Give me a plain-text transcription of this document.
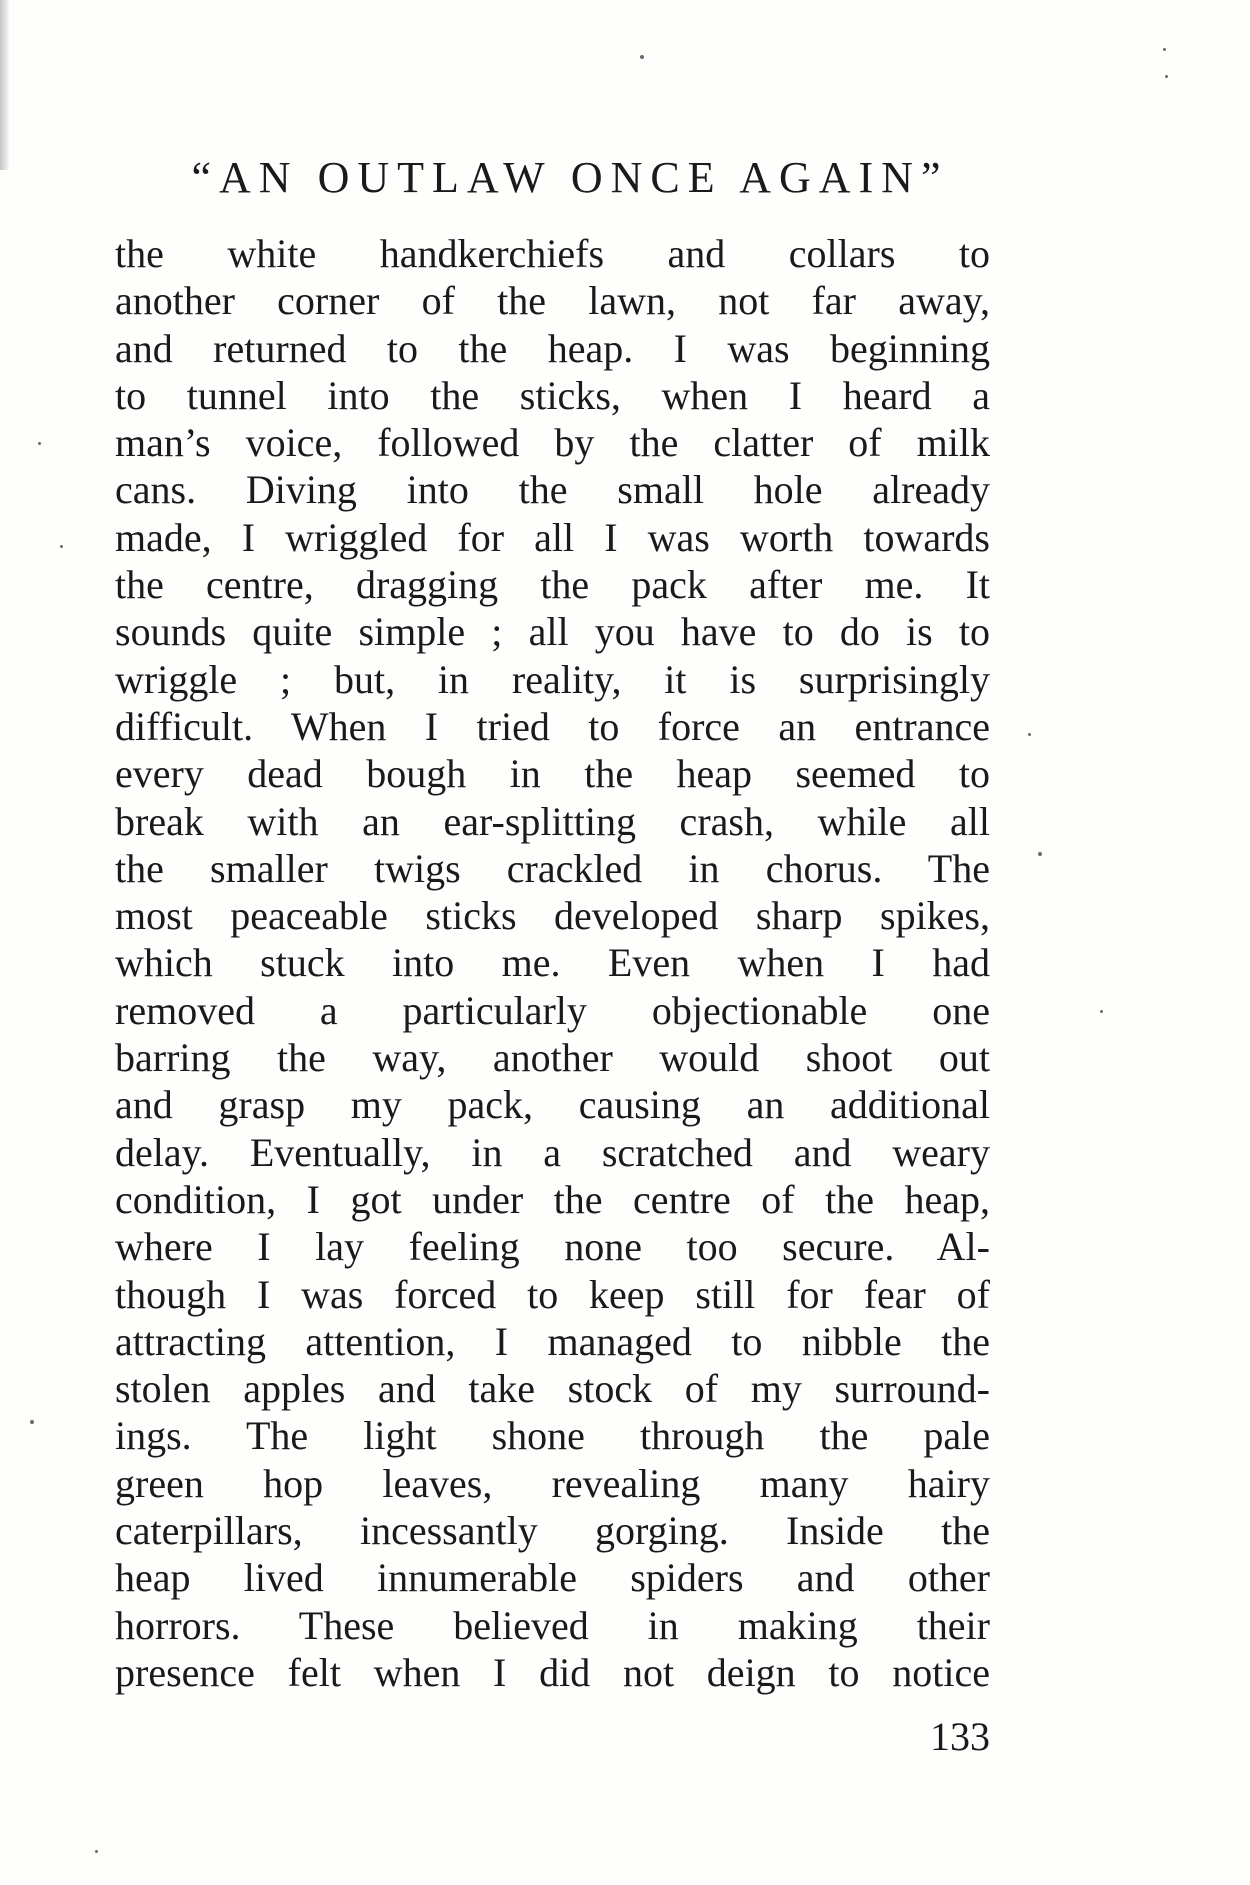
“AN OUTLAW ONCE AGAIN”
the white handkerchiefs and collars to
another corner of the lawn, not far away,
and returned to the heap. I was beginning
to tunnel into the sticks, when I heard a
man’s voice, followed by the clatter of milk
cans. Diving into the small hole already
made, I wriggled for all I was worth towards
the centre, dragging the pack after me. It
sounds quite simple ; all you have to do is to
wriggle ; but, in reality, it is surprisingly
difficult. When I tried to force an entrance
every dead bough in the heap seemed to
break with an ear-splitting crash, while all
the smaller twigs crackled in chorus. The
most peaceable sticks developed sharp spikes,
which stuck into me. Even when I had
removed a particularly objectionable one
barring the way, another would shoot out
and grasp my pack, causing an additional
delay. Eventually, in a scratched and weary
condition, I got under the centre of the heap,
where I lay feeling none too secure. Al-
though I was forced to keep still for fear of
attracting attention, I managed to nibble the
stolen apples and take stock of my surround-
ings. The light shone through the pale
green hop leaves, revealing many hairy
caterpillars, incessantly gorging. Inside the
heap lived innumerable spiders and other
horrors. These believed in making their
presence felt when I did not deign to notice
133
